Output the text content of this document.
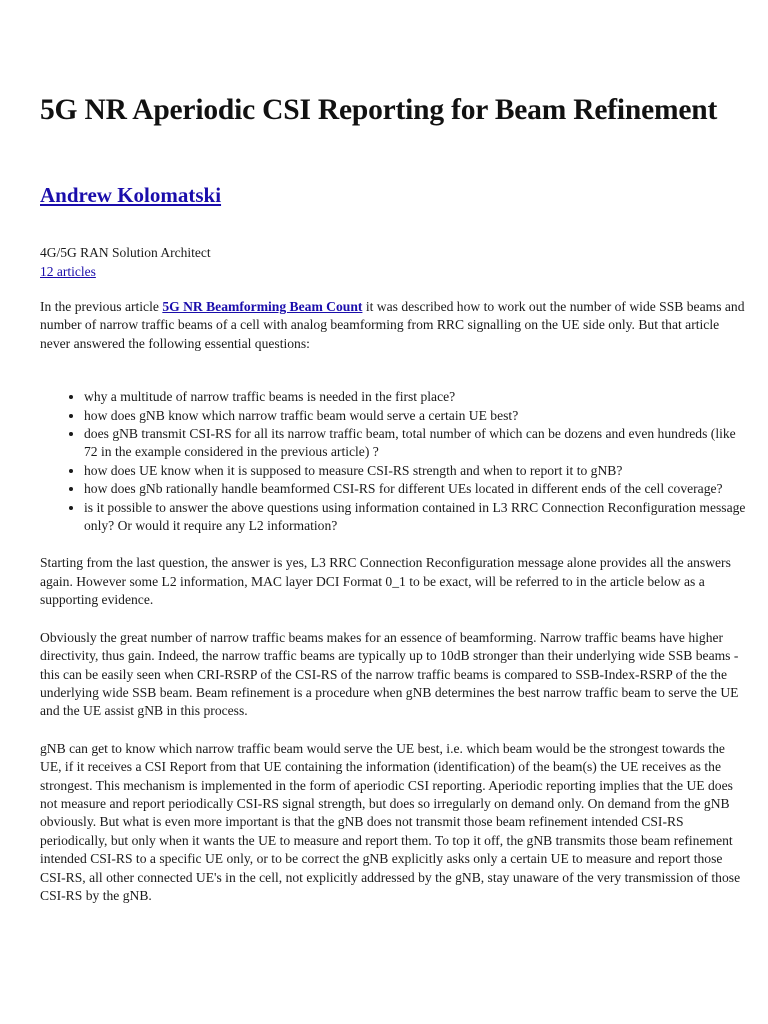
5G NR Aperiodic CSI Reporting for Beam Refinement
Andrew Kolomatski
4G/5G RAN Solution Architect
12 articles

In the previous article 5G NR Beamforming Beam Count it was described how to work out the number of wide SSB beams and number of narrow traffic beams of a cell with analog beamforming from RRC signalling on the UE side only. But that article never answered the following essential questions:

• why a multitude of narrow traffic beams is needed in the first place?
• how does gNB know which narrow traffic beam would serve a certain UE best?
• does gNB transmit CSI-RS for all its narrow traffic beam, total number of which can be dozens and even hundreds (like 72 in the example considered in the previous article) ?
• how does UE know when it is supposed to measure CSI-RS strength and when to report it to gNB?
• how does gNb rationally handle beamformed CSI-RS for different UEs located in different ends of the cell coverage?
• is it possible to answer the above questions using information contained in L3 RRC Connection Reconfiguration message only? Or would it require any L2 information?

Starting from the last question, the answer is yes, L3 RRC Connection Reconfiguration message alone provides all the answers again. However some L2 information, MAC layer DCI Format 0_1 to be exact, will be referred to in the article below as a supporting evidence.

Obviously the great number of narrow traffic beams makes for an essence of beamforming. Narrow traffic beams have higher directivity, thus gain. Indeed, the narrow traffic beams are typically up to 10dB stronger than their underlying wide SSB beams - this can be easily seen when CRI-RSRP of the CSI-RS of the narrow traffic beams is compared to SSB-Index-RSRP of the the underlying wide SSB beam. Beam refinement is a procedure when gNB determines the best narrow traffic beam to serve the UE and the UE assist gNB in this process.

gNB can get to know which narrow traffic beam would serve the UE best, i.e. which beam would be the strongest towards the UE, if it receives a CSI Report from that UE containing the information (identification) of the beam(s) the UE receives as the strongest. This mechanism is implemented in the form of aperiodic CSI reporting. Aperiodic reporting implies that the UE does not measure and report periodically CSI-RS signal strength, but does so irregularly on demand only. On demand from the gNB obviously. But what is even more important is that the gNB does not transmit those beam refinement intended CSI-RS periodically, but only when it wants the UE to measure and report them. To top it off, the gNB transmits those beam refinement intended CSI-RS to a specific UE only, or to be correct the gNB explicitly asks only a certain UE to measure and report those CSI-RS, all other connected UE's in the cell, not explicitly addressed by the gNB, stay unaware of the very transmission of those CSI-RS by the gNB.
